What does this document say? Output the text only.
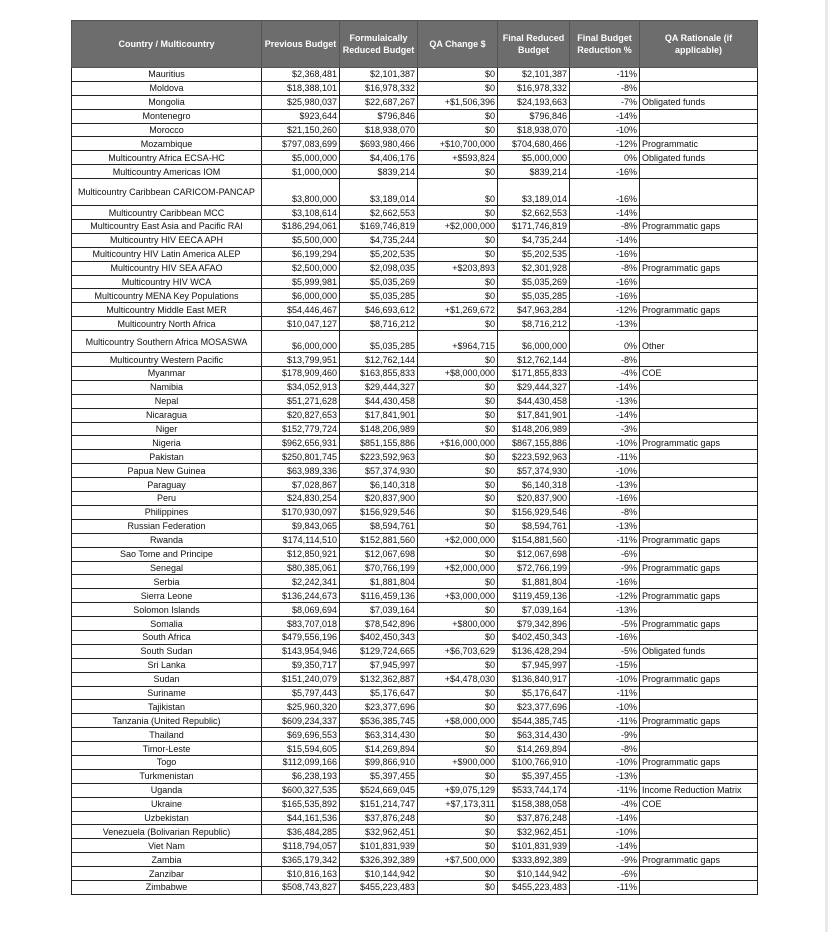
Country / Multicountry	Previous Budget	Formulaically Reduced Budget	QA Change $	Final Reduced Budget	Final Budget Reduction %	QA Rationale (if applicable)
Mauritius	$2,368,481	$2,101,387	$0	$2,101,387	-11%	
Moldova	$18,388,101	$16,978,332	$0	$16,978,332	-8%	
Mongolia	$25,980,037	$22,687,267	+$1,506,396	$24,193,663	-7%	Obligated funds
Montenegro	$923,644	$796,846	$0	$796,846	-14%	
Morocco	$21,150,260	$18,938,070	$0	$18,938,070	-10%	
Mozambique	$797,083,699	$693,980,466	+$10,700,000	$704,680,466	-12%	Programmatic
Multicountry Africa ECSA-HC	$5,000,000	$4,406,176	+$593,824	$5,000,000	0%	Obligated funds
Multicountry Americas IOM	$1,000,000	$839,214	$0	$839,214	-16%	
Multicountry Caribbean CARICOM-PANCAP	$3,800,000	$3,189,014	$0	$3,189,014	-16%	
Multicountry Caribbean MCC	$3,108,614	$2,662,553	$0	$2,662,553	-14%	
Multicountry East Asia and Pacific RAI	$186,294,061	$169,746,819	+$2,000,000	$171,746,819	-8%	Programmatic gaps
Multicountry HIV EECA APH	$5,500,000	$4,735,244	$0	$4,735,244	-14%	
Multicountry HIV Latin America ALEP	$6,199,294	$5,202,535	$0	$5,202,535	-16%	
Multicountry HIV SEA AFAO	$2,500,000	$2,098,035	+$203,893	$2,301,928	-8%	Programmatic gaps
Multicountry HIV WCA	$5,999,981	$5,035,269	$0	$5,035,269	-16%	
Multicountry MENA Key Populations	$6,000,000	$5,035,285	$0	$5,035,285	-16%	
Multicountry Middle East MER	$54,446,467	$46,693,612	+$1,269,672	$47,963,284	-12%	Programmatic gaps
Multicountry North Africa	$10,047,127	$8,716,212	$0	$8,716,212	-13%	
Multicountry Southern Africa MOSASWA	$6,000,000	$5,035,285	+$964,715	$6,000,000	0%	Other
Multicountry Western Pacific	$13,799,951	$12,762,144	$0	$12,762,144	-8%	
Myanmar	$178,909,460	$163,855,833	+$8,000,000	$171,855,833	-4%	COE
Namibia	$34,052,913	$29,444,327	$0	$29,444,327	-14%	
Nepal	$51,271,628	$44,430,458	$0	$44,430,458	-13%	
Nicaragua	$20,827,653	$17,841,901	$0	$17,841,901	-14%	
Niger	$152,779,724	$148,206,989	$0	$148,206,989	-3%	
Nigeria	$962,656,931	$851,155,886	+$16,000,000	$867,155,886	-10%	Programmatic gaps
Pakistan	$250,801,745	$223,592,963	$0	$223,592,963	-11%	
Papua New Guinea	$63,989,336	$57,374,930	$0	$57,374,930	-10%	
Paraguay	$7,028,867	$6,140,318	$0	$6,140,318	-13%	
Peru	$24,830,254	$20,837,900	$0	$20,837,900	-16%	
Philippines	$170,930,097	$156,929,546	$0	$156,929,546	-8%	
Russian Federation	$9,843,065	$8,594,761	$0	$8,594,761	-13%	
Rwanda	$174,114,510	$152,881,560	+$2,000,000	$154,881,560	-11%	Programmatic gaps
Sao Tome and Principe	$12,850,921	$12,067,698	$0	$12,067,698	-6%	
Senegal	$80,385,061	$70,766,199	+$2,000,000	$72,766,199	-9%	Programmatic gaps
Serbia	$2,242,341	$1,881,804	$0	$1,881,804	-16%	
Sierra Leone	$136,244,673	$116,459,136	+$3,000,000	$119,459,136	-12%	Programmatic gaps
Solomon Islands	$8,069,694	$7,039,164	$0	$7,039,164	-13%	
Somalia	$83,707,018	$78,542,896	+$800,000	$79,342,896	-5%	Programmatic gaps
South Africa	$479,556,196	$402,450,343	$0	$402,450,343	-16%	
South Sudan	$143,954,946	$129,724,665	+$6,703,629	$136,428,294	-5%	Obligated funds
Sri Lanka	$9,350,717	$7,945,997	$0	$7,945,997	-15%	
Sudan	$151,240,079	$132,362,887	+$4,478,030	$136,840,917	-10%	Programmatic gaps
Suriname	$5,797,443	$5,176,647	$0	$5,176,647	-11%	
Tajikistan	$25,960,320	$23,377,696	$0	$23,377,696	-10%	
Tanzania (United Republic)	$609,234,337	$536,385,745	+$8,000,000	$544,385,745	-11%	Programmatic gaps
Thailand	$69,696,553	$63,314,430	$0	$63,314,430	-9%	
Timor-Leste	$15,594,605	$14,269,894	$0	$14,269,894	-8%	
Togo	$112,099,166	$99,866,910	+$900,000	$100,766,910	-10%	Programmatic gaps
Turkmenistan	$6,238,193	$5,397,455	$0	$5,397,455	-13%	
Uganda	$600,327,535	$524,669,045	+$9,075,129	$533,744,174	-11%	Income Reduction Matrix
Ukraine	$165,535,892	$151,214,747	+$7,173,311	$158,388,058	-4%	COE
Uzbekistan	$44,161,536	$37,876,248	$0	$37,876,248	-14%	
Venezuela (Bolivarian Republic)	$36,484,285	$32,962,451	$0	$32,962,451	-10%	
Viet Nam	$118,794,057	$101,831,939	$0	$101,831,939	-14%	
Zambia	$365,179,342	$326,392,389	+$7,500,000	$333,892,389	-9%	Programmatic gaps
Zanzibar	$10,816,163	$10,144,942	$0	$10,144,942	-6%	
Zimbabwe	$508,743,827	$455,223,483	$0	$455,223,483	-11%	
